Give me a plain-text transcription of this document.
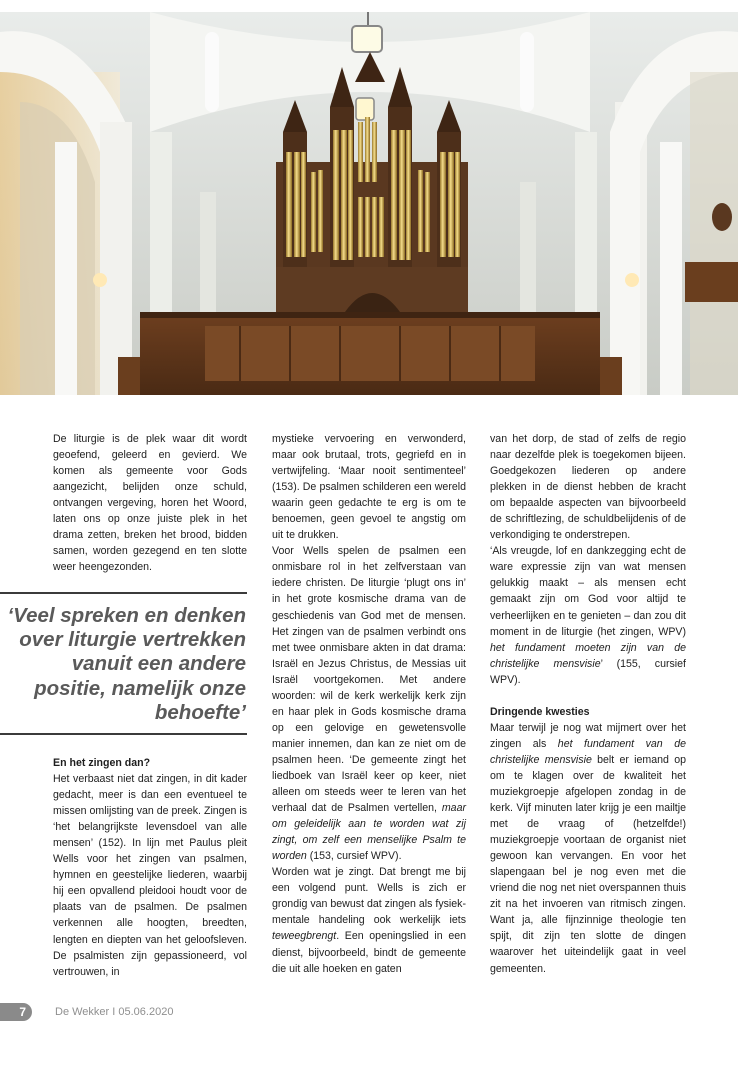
De liturgie is de plek waar dit wordt geoefend, geleerd en gevierd. We komen als gemeente voor Gods aangezicht, belijden onze schuld, ontvangen vergeving, horen het Woord, laten ons op onze juiste plek in het drama zetten, breken het brood, bidden samen, worden gezegend en ten slotte weer heengezonden.

‘Veel spreken en denken over liturgie vertrekken vanuit een andere positie, namelijk onze behoefte’

En het zingen dan?

Het verbaast niet dat zingen, in dit kader gedacht, meer is dan een eventueel te missen omlijsting van de preek. Zingen is ‘het belangrijkste levensdoel van alle mensen’ (152). In lijn met Paulus pleit Wells voor het zingen van psalmen, hymnen en geestelijke liederen, waarbij hij een opvallend pleidooi houdt voor de plaats van de psalmen. De psalmen verkennen alle hoogten, breedten, lengten en diepten van het geloofsleven. De psalmisten zijn gepassioneerd, vol vertrouwen, in

mystieke vervoering en verwonderd, maar ook brutaal, trots, gegriefd en in vertwijfeling. ‘Maar nooit sentimenteel’ (153). De psalmen schilderen een wereld waarin geen gedachte te erg is om te benoemen, geen gevoel te angstig om uit te drukken.

Voor Wells spelen de psalmen een onmisbare rol in het zelfverstaan van iedere christen. De liturgie ‘plugt ons in’ in het grote kosmische drama van de geschiedenis van God met de mensen. Het zingen van de psalmen verbindt ons met twee onmisbare akten in dat drama: Israël en Jezus Christus, de Messias uit Israël voortgekomen. Met andere woorden: wil de kerk werkelijk kerk zijn en haar plek in Gods kosmische drama op een gelovige en gewetensvolle manier innemen, dan kan ze niet om de psalmen heen. ‘De gemeente zingt het liedboek van Israël keer op keer, niet alleen om steeds weer te leren van het verhaal dat de Psalmen vertellen, maar om geleidelijk aan te worden wat zij zingt, om zelf een menselijke Psalm te worden (153, cursief WPV).

Worden wat je zingt. Dat brengt me bij een volgend punt. Wells is zich er grondig van bewust dat zingen als fysiek-mentale handeling ook werkelijk iets teweegbrengt. Een openingslied in een dienst, bijvoorbeeld, bindt de gemeente die uit alle hoeken en gaten

van het dorp, de stad of zelfs de regio naar dezelfde plek is toegekomen bijeen. Goedgekozen liederen op andere plekken in de dienst hebben de kracht om bepaalde aspecten van bijvoorbeeld de schriftlezing, de schuldbelijdenis of de verkondiging te onderstrepen.

‘Als vreugde, lof en dankzegging echt de ware expressie zijn van wat mensen gelukkig maakt – als mensen echt gemaakt zijn om God voor altijd te verheerlijken en te genieten – dan zou dit moment in de liturgie (het zingen, WPV) het fundament moeten zijn van de christelijke mensvisie’ (155, cursief WPV).

Dringende kwesties

Maar terwijl je nog wat mijmert over het zingen als het fundament van de christelijke mensvisie belt er iemand op om te klagen over de kwaliteit het muziekgroepje afgelopen zondag in de kerk. Vijf minuten later krijg je een mailtje met de vraag of (hetzelfde!) muziekgroepje voortaan de organist niet gewoon kan vervangen. En voor het slapengaan bel je nog even met die vriend die nog net niet overspannen thuis zit na het invoeren van ritmisch zingen. Want ja, alle fijnzinnige theologie ten spijt, dit zijn ten slotte de dingen waarover het uiteindelijk gaat in veel gemeenten.

7	De Wekker I 05.06.2020
